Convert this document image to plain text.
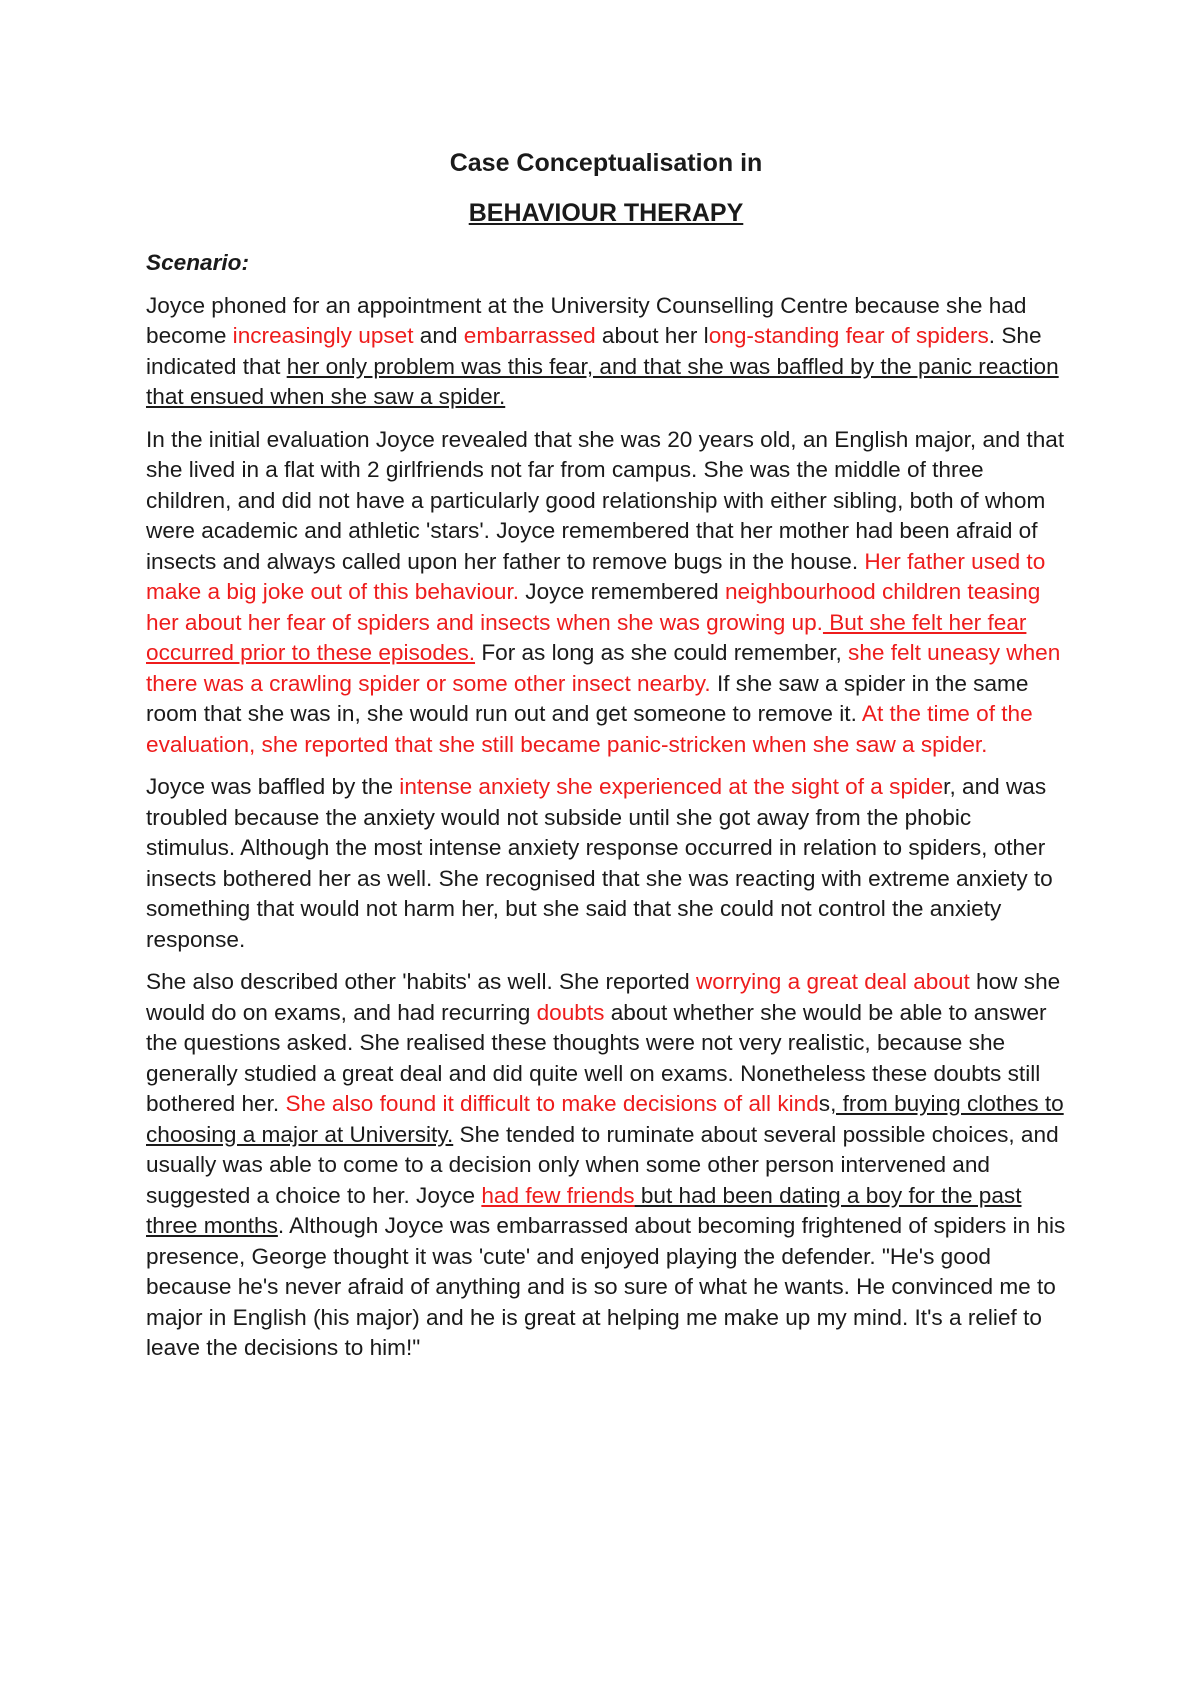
Case Conceptualisation in
BEHAVIOUR THERAPY
Scenario:

Joyce phoned for an appointment at the University Counselling Centre because she had become increasingly upset and embarrassed about her long-standing fear of spiders. She indicated that her only problem was this fear, and that she was baffled by the panic reaction that ensued when she saw a spider.

In the initial evaluation Joyce revealed that she was 20 years old, an English major, and that she lived in a flat with 2 girlfriends not far from campus. She was the middle of three children, and did not have a particularly good relationship with either sibling, both of whom were academic and athletic 'stars'. Joyce remembered that her mother had been afraid of insects and always called upon her father to remove bugs in the house. Her father used to make a big joke out of this behaviour. Joyce remembered neighbourhood children teasing her about her fear of spiders and insects when she was growing up. But she felt her fear occurred prior to these episodes. For as long as she could remember, she felt uneasy when there was a crawling spider or some other insect nearby. If she saw a spider in the same room that she was in, she would run out and get someone to remove it. At the time of the evaluation, she reported that she still became panic-stricken when she saw a spider.

Joyce was baffled by the intense anxiety she experienced at the sight of a spider, and was troubled because the anxiety would not subside until she got away from the phobic stimulus. Although the most intense anxiety response occurred in relation to spiders, other insects bothered her as well. She recognised that she was reacting with extreme anxiety to something that would not harm her, but she said that she could not control the anxiety response.

She also described other 'habits' as well. She reported worrying a great deal about how she would do on exams, and had recurring doubts about whether she would be able to answer the questions asked. She realised these thoughts were not very realistic, because she generally studied a great deal and did quite well on exams. Nonetheless these doubts still bothered her. She also found it difficult to make decisions of all kinds, from buying clothes to choosing a major at University. She tended to ruminate about several possible choices, and usually was able to come to a decision only when some other person intervened and suggested a choice to her. Joyce had few friends but had been dating a boy for the past three months. Although Joyce was embarrassed about becoming frightened of spiders in his presence, George thought it was 'cute' and enjoyed playing the defender. "He's good because he's never afraid of anything and is so sure of what he wants. He convinced me to major in English (his major) and he is great at helping me make up my mind. It's a relief to leave the decisions to him!"
